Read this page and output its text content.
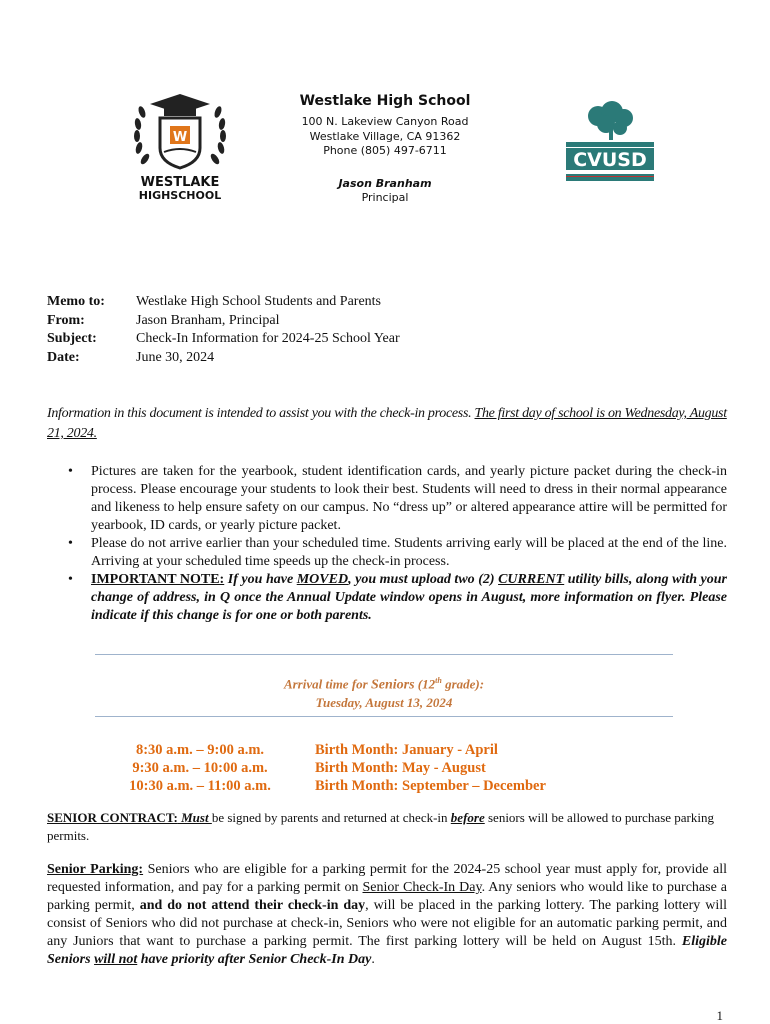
W
WESTLAKE
HIGHSCHOOL
Westlake High School
100 N. Lakeview Canyon Road
Westlake Village, CA 91362
Phone (805) 497-6711
Jason Branham
Principal
CVUSD
Memo to:	Westlake High School Students and Parents
From:	Jason Branham, Principal
Subject:	Check-In Information for 2024-25 School Year
Date:	June 30, 2024
Information in this document is intended to assist you with the check-in process. The first day of school is on Wednesday, August 21, 2024.
• Pictures are taken for the yearbook, student identification cards, and yearly picture packet during the check-in process. Please encourage your students to look their best. Students will need to dress in their normal appearance and likeness to help ensure safety on our campus. No “dress up” or altered appearance attire will be permitted for yearbook, ID cards, or yearly picture packet.
• Please do not arrive earlier than your scheduled time. Students arriving early will be placed at the end of the line. Arriving at your scheduled time speeds up the check-in process.
• IMPORTANT NOTE: If you have MOVED, you must upload two (2) CURRENT utility bills, along with your change of address, in Q once the Annual Update window opens in August, more information on flyer. Please indicate if this change is for one or both parents.
Arrival time for Seniors (12th grade):
Tuesday, August 13, 2024
8:30 a.m. – 9:00 a.m.	Birth Month: January - April
9:30 a.m. – 10:00 a.m.	Birth Month: May - August
10:30 a.m. – 11:00 a.m.	Birth Month: September – December
SENIOR CONTRACT: Must be signed by parents and returned at check-in before seniors will be allowed to purchase parking permits.
Senior Parking: Seniors who are eligible for a parking permit for the 2024-25 school year must apply for, provide all requested information, and pay for a parking permit on Senior Check-In Day. Any seniors who would like to purchase a parking permit, and do not attend their check-in day, will be placed in the parking lottery. The parking lottery will consist of Seniors who did not purchase at check-in, Seniors who were not eligible for an automatic parking permit, and any Juniors that want to purchase a parking permit. The first parking lottery will be held on August 15th. Eligible Seniors will not have priority after Senior Check-In Day.
1
